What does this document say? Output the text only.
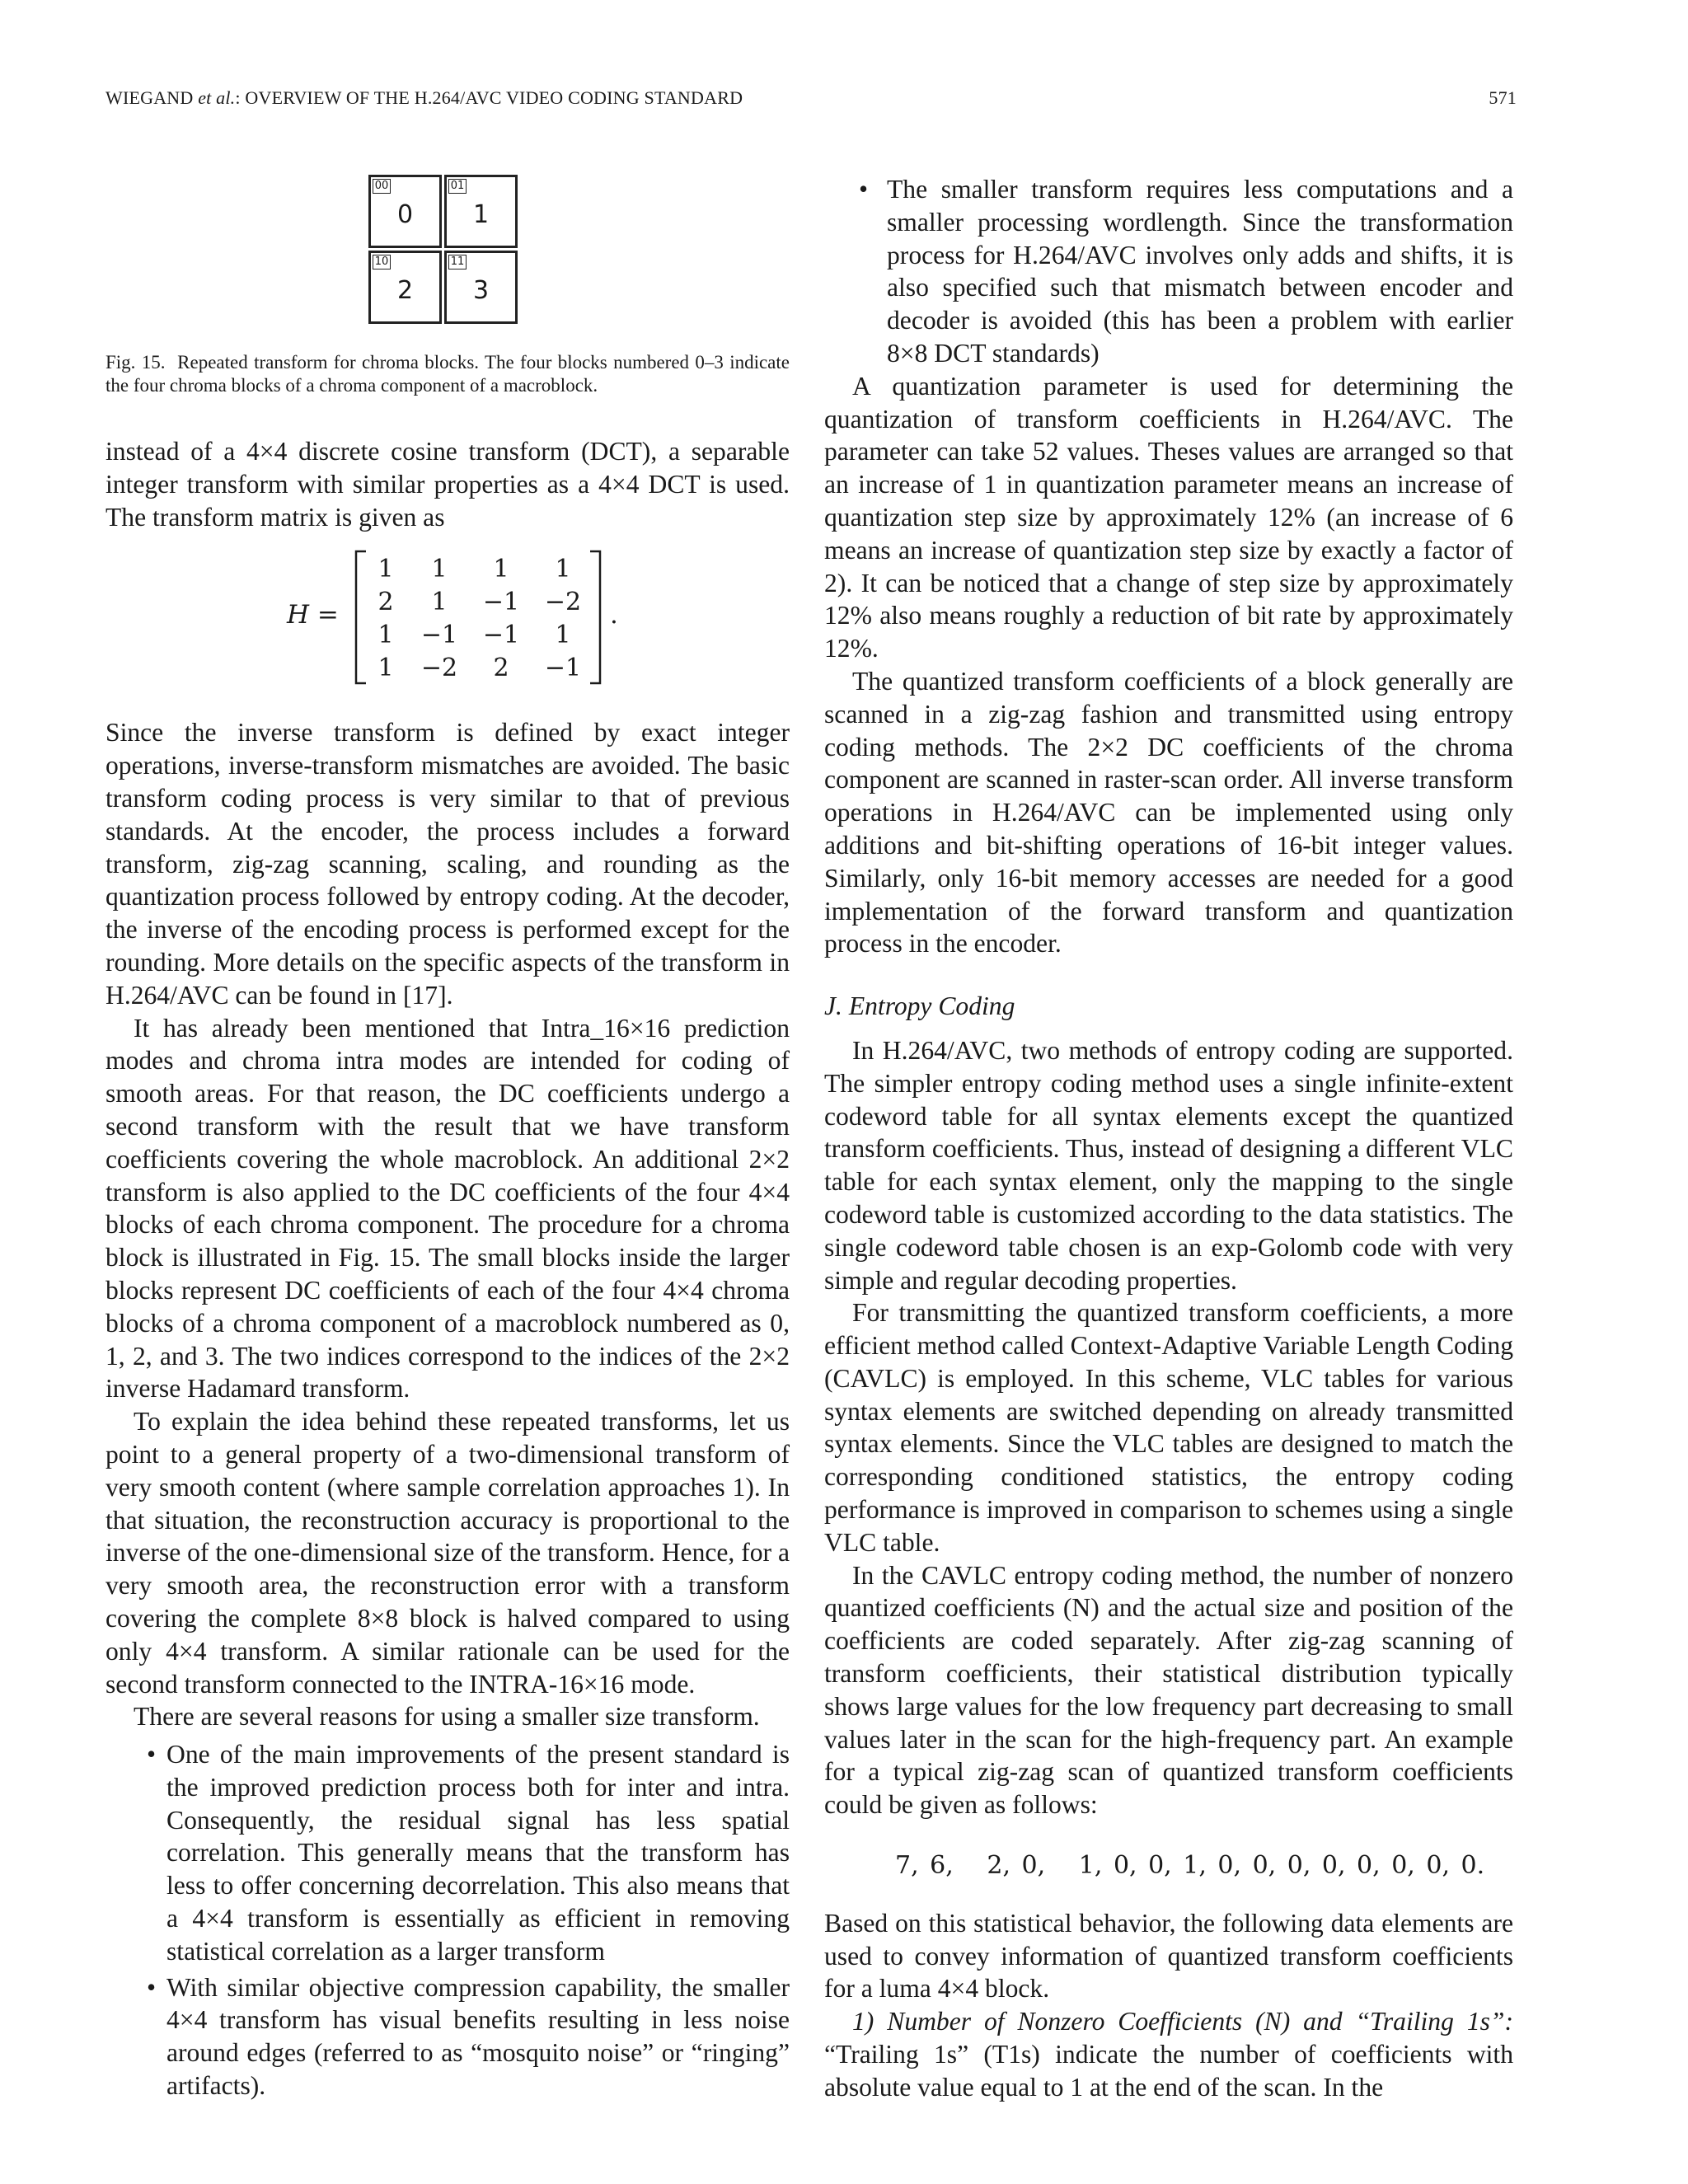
WIEGAND et al.: OVERVIEW OF THE H.264/AVC VIDEO CODING STANDARD	571
00
0
01
1
10
2
11
3
Fig. 15. Repeated transform for chroma blocks. The four blocks numbered 0–3 indicate the four chroma blocks of a chroma component of a macroblock.

instead of a 4×4 discrete cosine transform (DCT), a separable integer transform with similar properties as a 4×4 DCT is used. The transform matrix is given as

H =
1	1	1	1
2	1	−1	−2
1	−1	−1	1
1	−2	2	−1
.

Since the inverse transform is defined by exact integer operations, inverse-transform mismatches are avoided. The basic transform coding process is very similar to that of previous standards. At the encoder, the process includes a forward transform, zig-zag scanning, scaling, and rounding as the quantization process followed by entropy coding. At the decoder, the inverse of the encoding process is performed except for the rounding. More details on the specific aspects of the transform in H.264/AVC can be found in [17].

It has already been mentioned that Intra_16×16 prediction modes and chroma intra modes are intended for coding of smooth areas. For that reason, the DC coefficients undergo a second transform with the result that we have transform coefficients covering the whole macroblock. An additional 2×2 transform is also applied to the DC coefficients of the four 4×4 blocks of each chroma component. The procedure for a chroma block is illustrated in Fig. 15. The small blocks inside the larger blocks represent DC coefficients of each of the four 4×4 chroma blocks of a chroma component of a macroblock numbered as 0, 1, 2, and 3. The two indices correspond to the indices of the 2×2 inverse Hadamard transform.

To explain the idea behind these repeated transforms, let us point to a general property of a two-dimensional transform of very smooth content (where sample correlation approaches 1). In that situation, the reconstruction accuracy is proportional to the inverse of the one-dimensional size of the transform. Hence, for a very smooth area, the reconstruction error with a transform covering the complete 8×8 block is halved compared to using only 4×4 transform. A similar rationale can be used for the second transform connected to the INTRA-16×16 mode.

There are several reasons for using a smaller size transform.

• One of the main improvements of the present standard is the improved prediction process both for inter and intra. Consequently, the residual signal has less spatial correlation. This generally means that the transform has less to offer concerning decorrelation. This also means that a 4×4 transform is essentially as efficient in removing statistical correlation as a larger transform
• With similar objective compression capability, the smaller 4×4 transform has visual benefits resulting in less noise around edges (referred to as “mosquito noise” or “ringing” artifacts).
• The smaller transform requires less computations and a smaller processing wordlength. Since the transformation process for H.264/AVC involves only adds and shifts, it is also specified such that mismatch between encoder and decoder is avoided (this has been a problem with earlier 8×8 DCT standards)

A quantization parameter is used for determining the quantization of transform coefficients in H.264/AVC. The parameter can take 52 values. Theses values are arranged so that an increase of 1 in quantization parameter means an increase of quantization step size by approximately 12% (an increase of 6 means an increase of quantization step size by exactly a factor of 2). It can be noticed that a change of step size by approximately 12% also means roughly a reduction of bit rate by approximately 12%.

The quantized transform coefficients of a block generally are scanned in a zig-zag fashion and transmitted using entropy coding methods. The 2×2 DC coefficients of the chroma component are scanned in raster-scan order. All inverse transform operations in H.264/AVC can be implemented using only additions and bit-shifting operations of 16-bit integer values. Similarly, only 16-bit memory accesses are needed for a good implementation of the forward transform and quantization process in the encoder.

J. Entropy Coding

In H.264/AVC, two methods of entropy coding are supported. The simpler entropy coding method uses a single infinite-extent codeword table for all syntax elements except the quantized transform coefficients. Thus, instead of designing a different VLC table for each syntax element, only the mapping to the single codeword table is customized according to the data statistics. The single codeword table chosen is an exp-Golomb code with very simple and regular decoding properties.

For transmitting the quantized transform coefficients, a more efficient method called Context-Adaptive Variable Length Coding (CAVLC) is employed. In this scheme, VLC tables for various syntax elements are switched depending on already transmitted syntax elements. Since the VLC tables are designed to match the corresponding conditioned statistics, the entropy coding performance is improved in comparison to schemes using a single VLC table.

In the CAVLC entropy coding method, the number of nonzero quantized coefficients (N) and the actual size and position of the coefficients are coded separately. After zig-zag scanning of transform coefficients, their statistical distribution typically shows large values for the low frequency part decreasing to small values later in the scan for the high-frequency part. An example for a typical zig-zag scan of quantized transform coefficients could be given as follows:

7, 6,   2, 0,   1, 0, 0, 1, 0, 0, 0, 0, 0, 0, 0, 0.

Based on this statistical behavior, the following data elements are used to convey information of quantized transform coefficients for a luma 4×4 block.

1) Number of Nonzero Coefficients (N) and “Trailing 1s”: “Trailing 1s” (T1s) indicate the number of coefficients with absolute value equal to 1 at the end of the scan. In the
